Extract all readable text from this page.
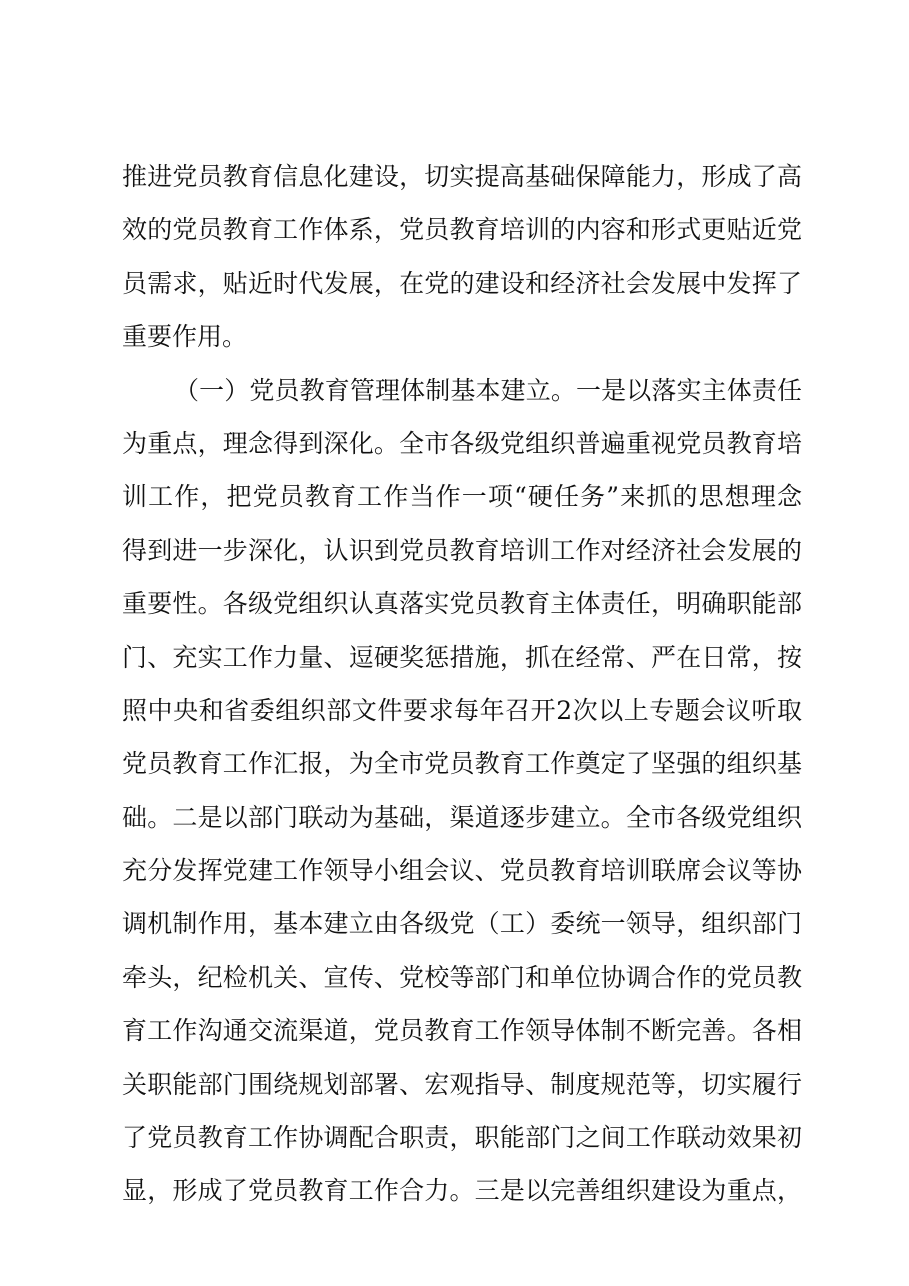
推进党员教育信息化建设，切实提高基础保障能力，形成了高
效的党员教育工作体系，党员教育培训的内容和形式更贴近党
员需求，贴近时代发展，在党的建设和经济社会发展中发挥了
重要作用。
（一）党员教育管理体制基本建立。一是以落实主体责任
为重点，理念得到深化。全市各级党组织普遍重视党员教育培
训工作，把党员教育工作当作一项“硬任务”来抓的思想理念
得到进一步深化，认识到党员教育培训工作对经济社会发展的
重要性。各级党组织认真落实党员教育主体责任，明确职能部
门、充实工作力量、逗硬奖惩措施，抓在经常、严在日常，按
照中央和省委组织部文件要求每年召开2次以上专题会议听取
党员教育工作汇报，为全市党员教育工作奠定了坚强的组织基
础。二是以部门联动为基础，渠道逐步建立。全市各级党组织
充分发挥党建工作领导小组会议、党员教育培训联席会议等协
调机制作用，基本建立由各级党（工）委统一领导，组织部门
牵头，纪检机关、宣传、党校等部门和单位协调合作的党员教
育工作沟通交流渠道，党员教育工作领导体制不断完善。各相
关职能部门围绕规划部署、宏观指导、制度规范等，切实履行
了党员教育工作协调配合职责，职能部门之间工作联动效果初
显，形成了党员教育工作合力。三是以完善组织建设为重点，
